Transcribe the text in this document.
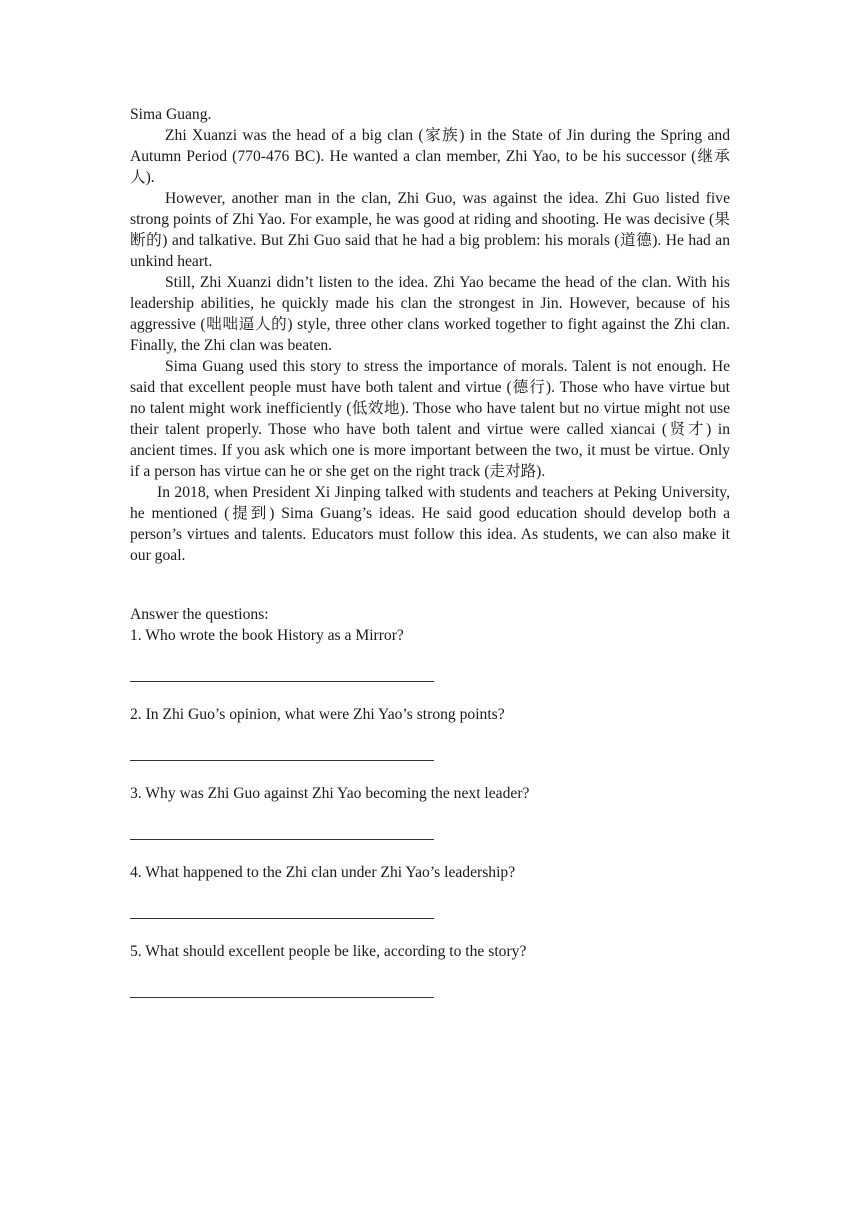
Sima Guang.

Zhi Xuanzi was the head of a big clan (家族) in the State of Jin during the Spring and Autumn Period (770-476 BC). He wanted a clan member, Zhi Yao, to be his successor (继承人).

However, another man in the clan, Zhi Guo, was against the idea. Zhi Guo listed five strong points of Zhi Yao. For example, he was good at riding and shooting. He was decisive (果断的) and talkative. But Zhi Guo said that he had a big problem: his morals (道德). He had an unkind heart.

Still, Zhi Xuanzi didn’t listen to the idea. Zhi Yao became the head of the clan. With his leadership abilities, he quickly made his clan the strongest in Jin. However, because of his aggressive (咄咄逼人的) style, three other clans worked together to fight against the Zhi clan. Finally, the Zhi clan was beaten.

Sima Guang used this story to stress the importance of morals. Talent is not enough. He said that excellent people must have both talent and virtue (德行). Those who have virtue but no talent might work inefficiently (低效地). Those who have talent but no virtue might not use their talent properly. Those who have both talent and virtue were called xiancai (贤才) in ancient times. If you ask which one is more important between the two, it must be virtue. Only if a person has virtue can he or she get on the right track (走对路).

In 2018, when President Xi Jinping talked with students and teachers at Peking University, he mentioned (提到) Sima Guang’s ideas. He said good education should develop both a person’s virtues and talents. Educators must follow this idea. As students, we can also make it our goal.

Answer the questions:

1. Who wrote the book History as a Mirror?

2. In Zhi Guo’s opinion, what were Zhi Yao’s strong points?

3. Why was Zhi Guo against Zhi Yao becoming the next leader?

4. What happened to the Zhi clan under Zhi Yao’s leadership?

5. What should excellent people be like, according to the story?
